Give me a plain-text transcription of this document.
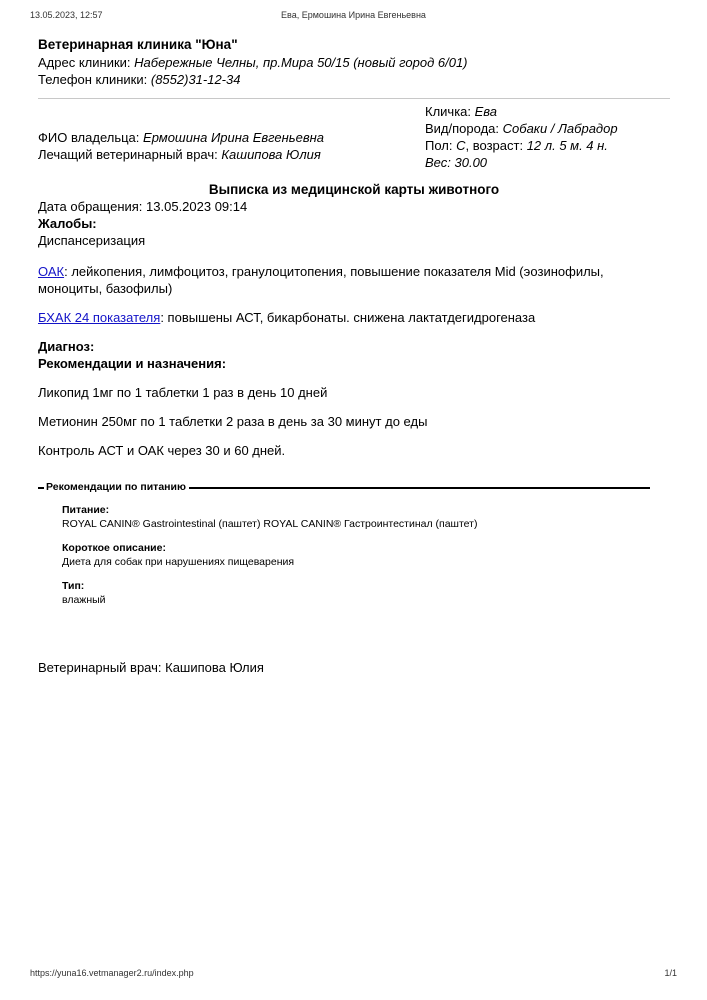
13.05.2023, 12:57	Ева, Ермошина Ирина Евгеньевна

Ветеринарная клиника "Юна"

Адрес клиники: Набережные Челны, пр.Мира 50/15 (новый город 6/01)

Телефон клиники: (8552)31-12-34

ФИО владельца: Ермошина Ирина Евгеньевна

Лечащий ветеринарный врач: Кашипова Юлия

Кличка: Ева

Вид/порода: Собаки / Лабрадор

Пол: С, возраст: 12 л. 5 м. 4 н.

Вес: 30.00

Выписка из медицинской карты животного

Дата обращения: 13.05.2023 09:14

Жалобы:

Диспансеризация

ОАК: лейкопения, лимфоцитоз, гранулоцитопения, повышение показателя Mid (эозинофилы, моноциты, базофилы)

БХАК 24 показателя: повышены АСТ, бикарбонаты. снижена лактатдегидрогеназа

Диагноз:

Рекомендации и назначения:

Ликопид 1мг по 1 таблетки 1 раз в день 10 дней

Метионин 250мг по 1 таблетки 2 раза в день за 30 минут до еды

Контроль АСТ и ОАК через 30 и 60 дней.

Рекомендации по питанию

Питание:

ROYAL CANIN® Gastrointestinal (паштет) ROYAL CANIN® Гастроинтестинал (паштет)

Короткое описание:

Диета для собак при нарушениях пищеварения

Тип:

влажный

Ветеринарный врач: Кашипова Юлия

https://yuna16.vetmanager2.ru/index.php	1/1
